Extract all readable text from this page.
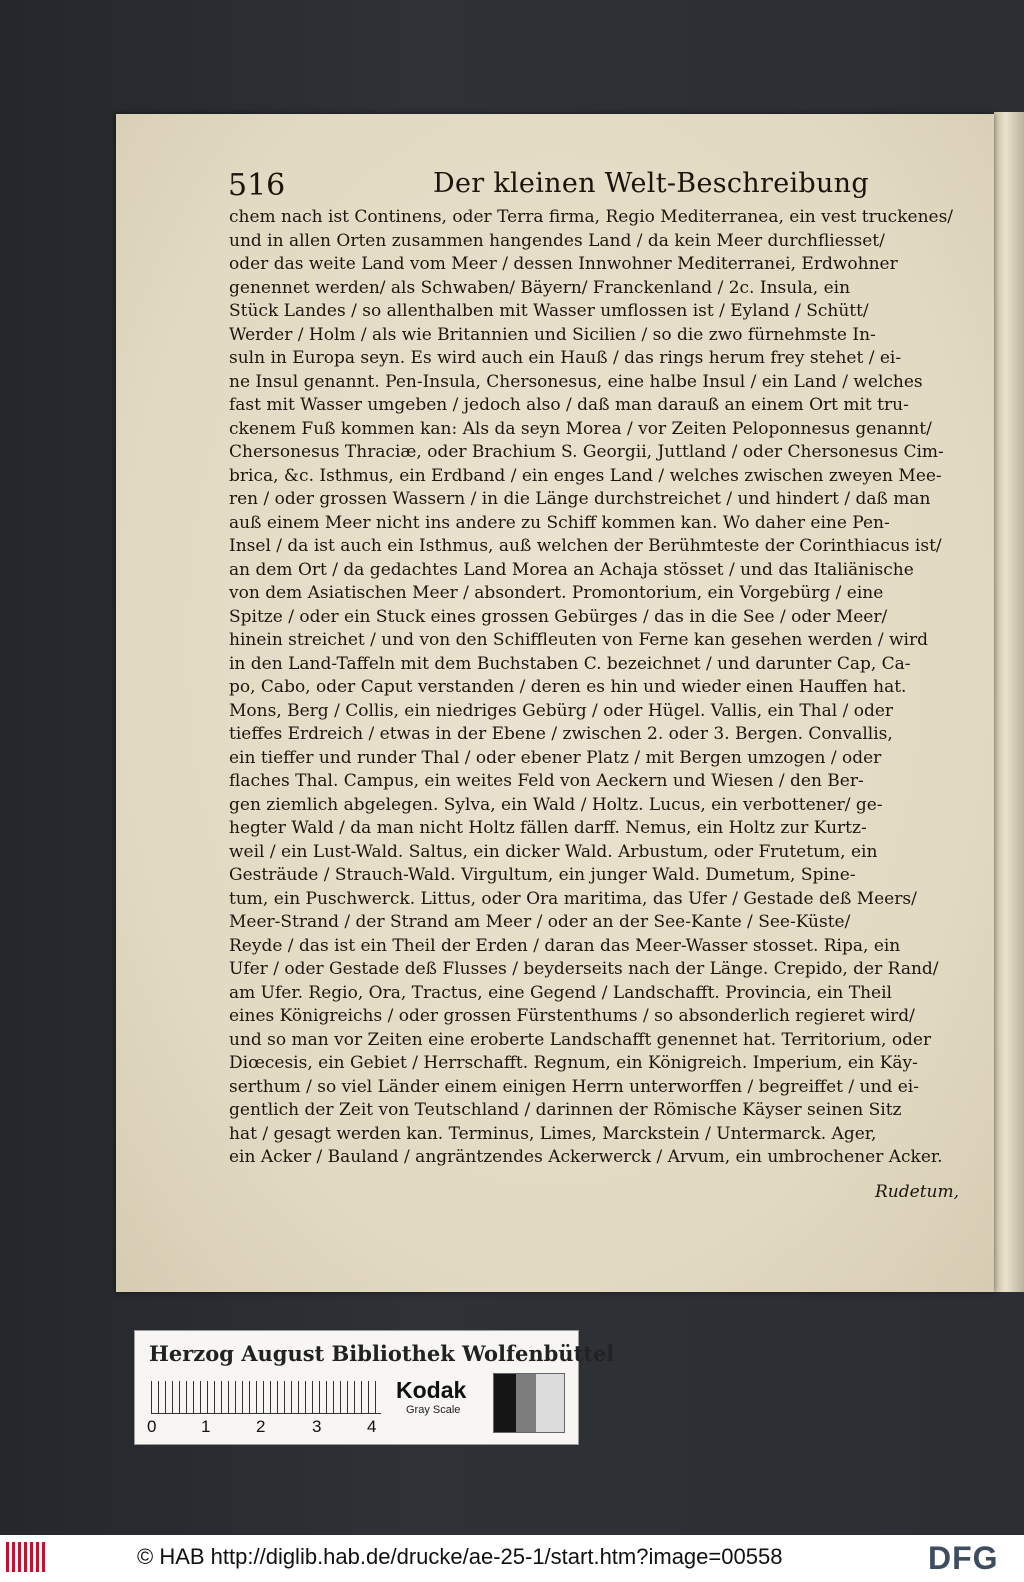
516	Der kleinen Welt-Beschreibung
chem nach ist Continens, oder Terra firma, Regio Mediterranea, ein vest truckenes/
und in allen Orten zusammen hangendes Land / da kein Meer durchfliesset/
oder das weite Land vom Meer / dessen Innwohner Mediterranei, Erdwohner
genennet werden/ als Schwaben/ Bäyern/ Franckenland / 2c. Insula, ein
Stück Landes / so allenthalben mit Wasser umflossen ist / Eyland / Schütt/
Werder / Holm / als wie Britannien und Sicilien / so die zwo fürnehmste In-
suln in Europa seyn. Es wird auch ein Hauß / das rings herum frey stehet / ei-
ne Insul genannt. Pen-Insula, Chersonesus, eine halbe Insul / ein Land / welches
fast mit Wasser umgeben / jedoch also / daß man darauß an einem Ort mit tru-
ckenem Fuß kommen kan: Als da seyn Morea / vor Zeiten Peloponnesus genannt/
Chersonesus Thraciæ, oder Brachium S. Georgii, Juttland / oder Chersonesus Cim-
brica, &c. Isthmus, ein Erdband / ein enges Land / welches zwischen zweyen Mee-
ren / oder grossen Wassern / in die Länge durchstreichet / und hindert / daß man
auß einem Meer nicht ins andere zu Schiff kommen kan. Wo daher eine Pen-
Insel / da ist auch ein Isthmus, auß welchen der Berühmteste der Corinthiacus ist/
an dem Ort / da gedachtes Land Morea an Achaja stösset / und das Italiänische
von dem Asiatischen Meer / absondert. Promontorium, ein Vorgebürg / eine
Spitze / oder ein Stuck eines grossen Gebürges / das in die See / oder Meer/
hinein streichet / und von den Schiffleuten von Ferne kan gesehen werden / wird
in den Land-Taffeln mit dem Buchstaben C. bezeichnet / und darunter Cap, Ca-
po, Cabo, oder Caput verstanden / deren es hin und wieder einen Hauffen hat.
Mons, Berg / Collis, ein niedriges Gebürg / oder Hügel. Vallis, ein Thal / oder
tieffes Erdreich / etwas in der Ebene / zwischen 2. oder 3. Bergen. Convallis,
ein tieffer und runder Thal / oder ebener Platz / mit Bergen umzogen / oder
flaches Thal. Campus, ein weites Feld von Aeckern und Wiesen / den Ber-
gen ziemlich abgelegen. Sylva, ein Wald / Holtz. Lucus, ein verbottener/ ge-
hegter Wald / da man nicht Holtz fällen darff. Nemus, ein Holtz zur Kurtz-
weil / ein Lust-Wald. Saltus, ein dicker Wald. Arbustum, oder Frutetum, ein
Gesträude / Strauch-Wald. Virgultum, ein junger Wald. Dumetum, Spine-
tum, ein Puschwerck. Littus, oder Ora maritima, das Ufer / Gestade deß Meers/
Meer-Strand / der Strand am Meer / oder an der See-Kante / See-Küste/
Reyde / das ist ein Theil der Erden / daran das Meer-Wasser stosset. Ripa, ein
Ufer / oder Gestade deß Flusses / beyderseits nach der Länge. Crepido, der Rand/
am Ufer. Regio, Ora, Tractus, eine Gegend / Landschafft. Provincia, ein Theil
eines Königreichs / oder grossen Fürstenthums / so absonderlich regieret wird/
und so man vor Zeiten eine eroberte Landschafft genennet hat. Territorium, oder
Diœcesis, ein Gebiet / Herrschafft. Regnum, ein Königreich. Imperium, ein Käy-
serthum / so viel Länder einem einigen Herrn unterworffen / begreiffet / und ei-
gentlich der Zeit von Teutschland / darinnen der Römische Käyser seinen Sitz
hat / gesagt werden kan. Terminus, Limes, Marckstein / Untermarck. Ager,
ein Acker / Bauland / angräntzendes Ackerwerck / Arvum, ein umbrochener Acker.
Rudetum,
Herzog August Bibliothek Wolfenbüttel
0	1	2	3	4
Kodak
Gray Scale
© HAB http://diglib.hab.de/drucke/ae-25-1/start.htm?image=00558	DFG
